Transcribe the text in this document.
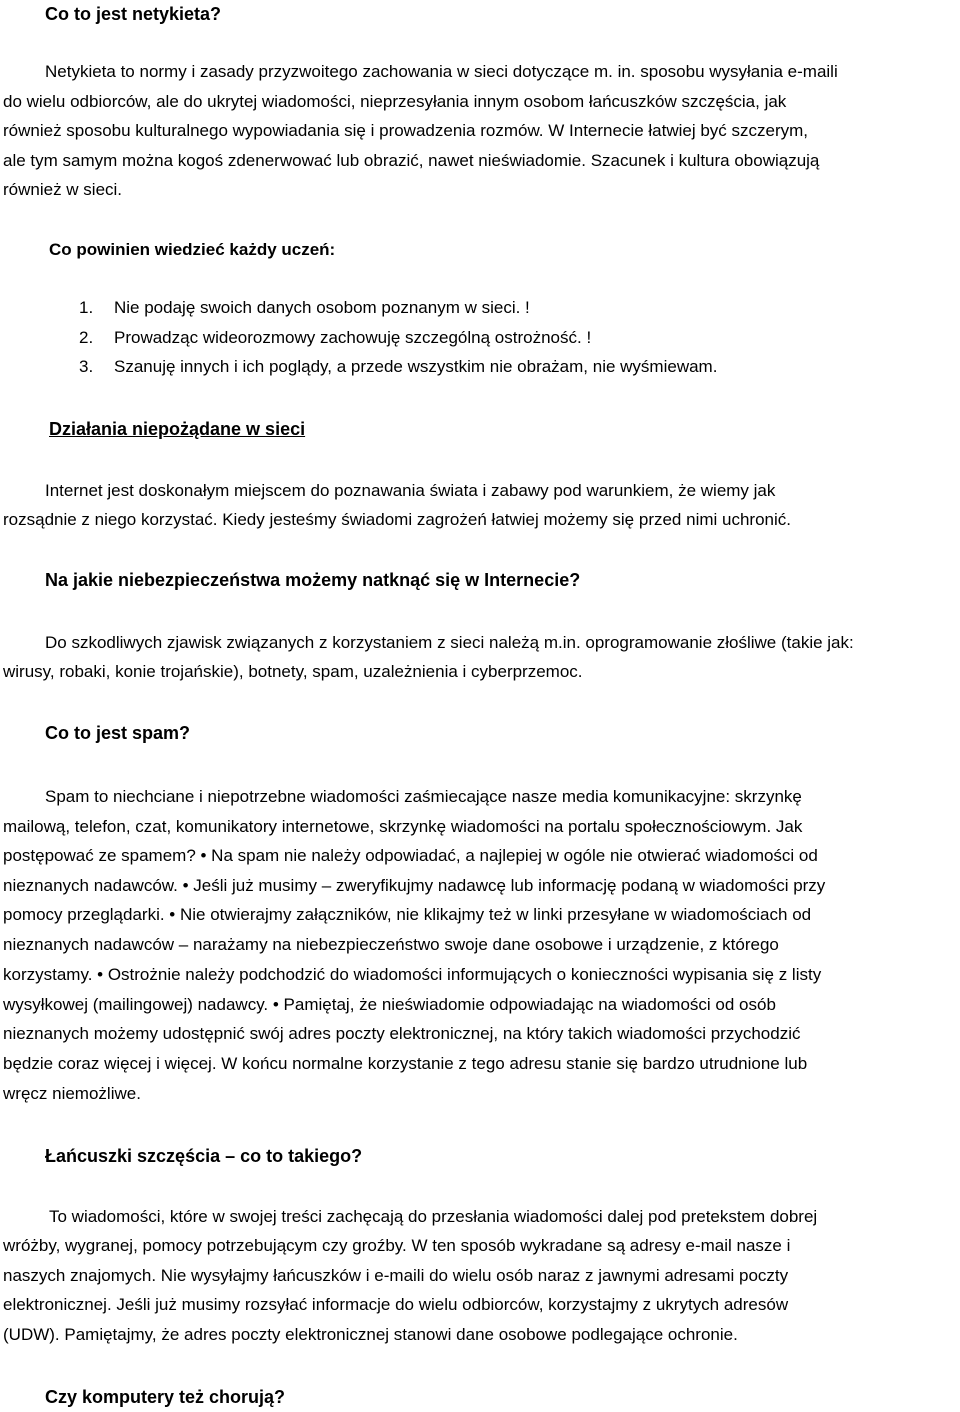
Co to jest netykieta?
Netykieta to normy i zasady przyzwoitego zachowania w sieci dotyczące m. in. sposobu wysyłania e-maili
do wielu odbiorców, ale do ukrytej wiadomości, nieprzesyłania innym osobom łańcuszków szczęścia, jak
również sposobu kulturalnego wypowiadania się i prowadzenia rozmów. W Internecie łatwiej być szczerym,
ale tym samym można kogoś zdenerwować lub obrazić, nawet nieświadomie. Szacunek i kultura obowiązują
również w sieci.
Co powinien wiedzieć każdy uczeń:
1. Nie podaję swoich danych osobom poznanym w sieci. !
2. Prowadząc wideorozmowy zachowuję szczególną ostrożność. !
3. Szanuję innych i ich poglądy, a przede wszystkim nie obrażam, nie wyśmiewam.
Działania niepożądane w sieci
Internet jest doskonałym miejscem do poznawania świata i zabawy pod warunkiem, że wiemy jak
rozsądnie z niego korzystać. Kiedy jesteśmy świadomi zagrożeń łatwiej możemy się przed nimi uchronić.
Na jakie niebezpieczeństwa możemy natknąć się w Internecie?
Do szkodliwych zjawisk związanych z korzystaniem z sieci należą m.in. oprogramowanie złośliwe (takie jak:
wirusy, robaki, konie trojańskie), botnety, spam, uzależnienia i cyberprzemoc.
Co to jest spam?
Spam to niechciane i niepotrzebne wiadomości zaśmiecające nasze media komunikacyjne: skrzynkę
mailową, telefon, czat, komunikatory internetowe, skrzynkę wiadomości na portalu społecznościowym. Jak
postępować ze spamem? • Na spam nie należy odpowiadać, a najlepiej w ogóle nie otwierać wiadomości od
nieznanych nadawców. • Jeśli już musimy – zweryfikujmy nadawcę lub informację podaną w wiadomości przy
pomocy przeglądarki. • Nie otwierajmy załączników, nie klikajmy też w linki przesyłane w wiadomościach od
nieznanych nadawców – narażamy na niebezpieczeństwo swoje dane osobowe i urządzenie, z którego
korzystamy. • Ostrożnie należy podchodzić do wiadomości informujących o konieczności wypisania się z listy
wysyłkowej (mailingowej) nadawcy. • Pamiętaj, że nieświadomie odpowiadając na wiadomości od osób
nieznanych możemy udostępnić swój adres poczty elektronicznej, na który takich wiadomości przychodzić
będzie coraz więcej i więcej. W końcu normalne korzystanie z tego adresu stanie się bardzo utrudnione lub
wręcz niemożliwe.
Łańcuszki szczęścia – co to takiego?
To wiadomości, które w swojej treści zachęcają do przesłania wiadomości dalej pod pretekstem dobrej
wróżby, wygranej, pomocy potrzebującym czy groźby. W ten sposób wykradane są adresy e-mail nasze i
naszych znajomych. Nie wysyłajmy łańcuszków i e-maili do wielu osób naraz z jawnymi adresami poczty
elektronicznej. Jeśli już musimy rozsyłać informacje do wielu odbiorców, korzystajmy z ukrytych adresów
(UDW). Pamiętajmy, że adres poczty elektronicznej stanowi dane osobowe podlegające ochronie.
Czy komputery też chorują?
